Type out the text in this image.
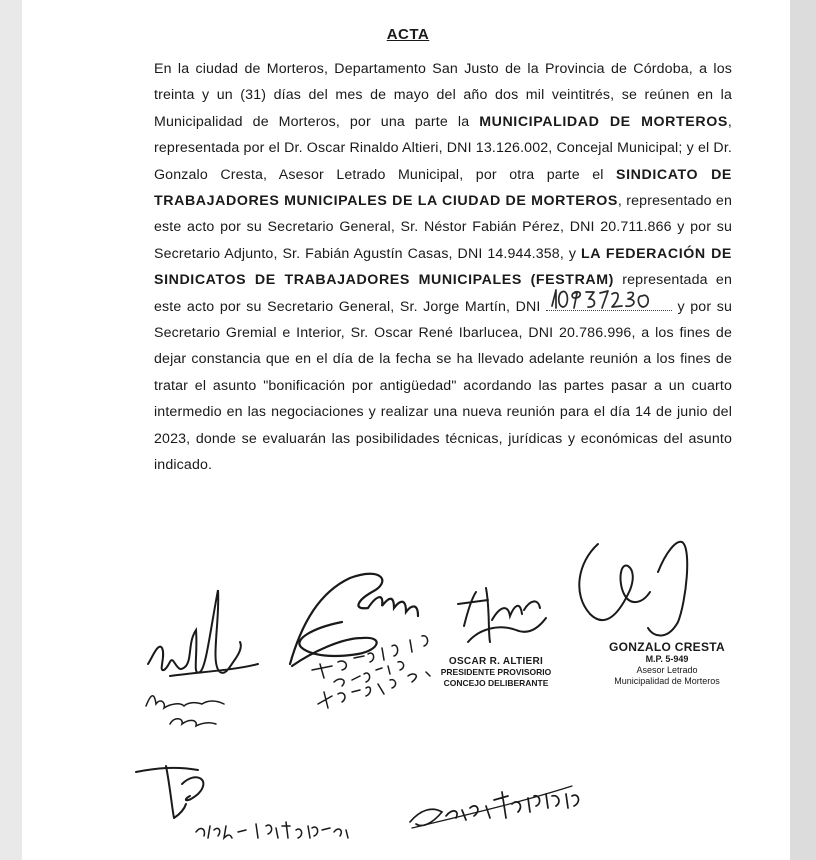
ACTA
En la ciudad de Morteros, Departamento San Justo de la Provincia de Córdoba, a los treinta y un (31) días del mes de mayo del año dos mil veintitrés, se reúnen en la Municipalidad de Morteros, por una parte la MUNICIPALIDAD DE MORTEROS, representada por el Dr. Oscar Rinaldo Altieri, DNI 13.126.002, Concejal Municipal; y el Dr. Gonzalo Cresta, Asesor Letrado Municipal, por otra parte el SINDICATO DE TRABAJADORES MUNICIPALES DE LA CIUDAD DE MORTEROS, representado en este acto por su Secretario General, Sr. Néstor Fabián Pérez, DNI 20.711.866 y por su Secretario Adjunto, Sr. Fabián Agustín Casas, DNI 14.944.358, y LA FEDERACIÓN DE SINDICATOS DE TRABAJADORES MUNICIPALES (FESTRAM) representada en este acto por su Secretario General, Sr. Jorge Martín, DNI	y por su Secretario Gremial e Interior, Sr. Oscar René Ibarlucea, DNI 20.786.996, a los fines de dejar constancia que en el día de la fecha se ha llevado adelante reunión a los fines de tratar el asunto "bonificación por antigüedad" acordando las partes pasar a un cuarto intermedio en las negociaciones y realizar una nueva reunión para el día 14 de junio del 2023, donde se evaluarán las posibilidades técnicas, jurídicas y económicas del asunto indicado.
OSCAR R. ALTIERI
PRESIDENTE PROVISORIO
CONCEJO DELIBERANTE
GONZALO CRESTA
M.P. 5-949
Asesor Letrado
Municipalidad de Morteros
